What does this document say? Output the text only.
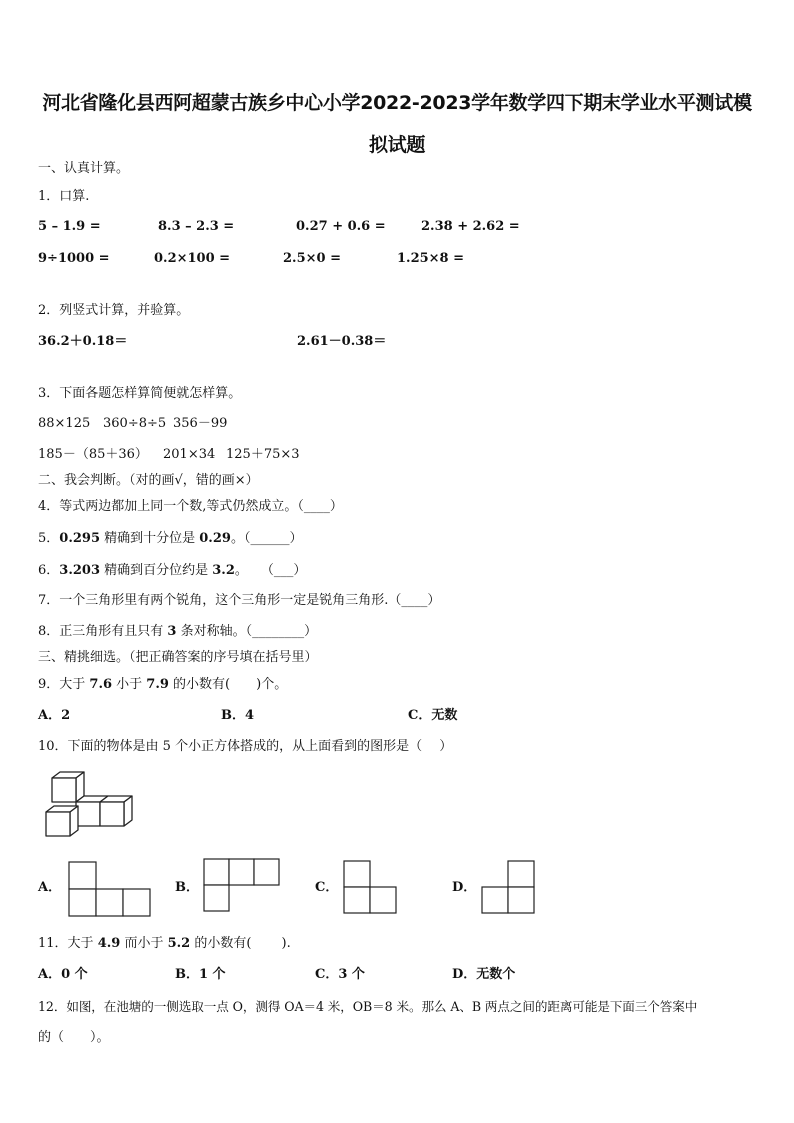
河北省隆化县西阿超蒙古族乡中心小学2022-2023学年数学四下期末学业水平测试模
拟试题
一、认真计算。
1．口算.
5 – 1.9 =	8.3 – 2.3 =	0.27 + 0.6 =	2.38 + 2.62 =
9÷1000 =	0.2×100 =	2.5×0 =	1.25×8 =
2．列竖式计算，并验算。
36.2＋0.18＝	2.61－0.38＝
3．下面各题怎样算简便就怎样算。
88×125 360÷8÷5 356－99
185－（85＋36） 201×34 125＋75×3
二、我会判断。（对的画√，错的画×）
4．等式两边都加上同一个数,等式仍然成立。（____）
5．0.295 精确到十分位是 0.29。（______）
6．3.203 精确到百分位约是 3.2。　　（___）
7．一个三角形里有两个锐角，这个三角形一定是锐角三角形.（____）
8．正三角形有且只有 3 条对称轴。（________）
三、精挑细选。（把正确答案的序号填在括号里）
9．大于 7.6 小于 7.9 的小数有(　　)个。
A．2	B．4	C．无数
10．下面的物体是由 5 个小正方体搭成的，从上面看到的图形是（　 ）
A．	B．	C．	D．
11．大于 4.9 而小于 5.2 的小数有(　　 ).
A．0 个	B．1 个	C．3 个	D．无数个
12．如图，在池塘的一侧选取一点 O，测得 OA＝4 米，OB＝8 米。那么 A、B 两点之间的距离可能是下面三个答案中
的（　　）。
